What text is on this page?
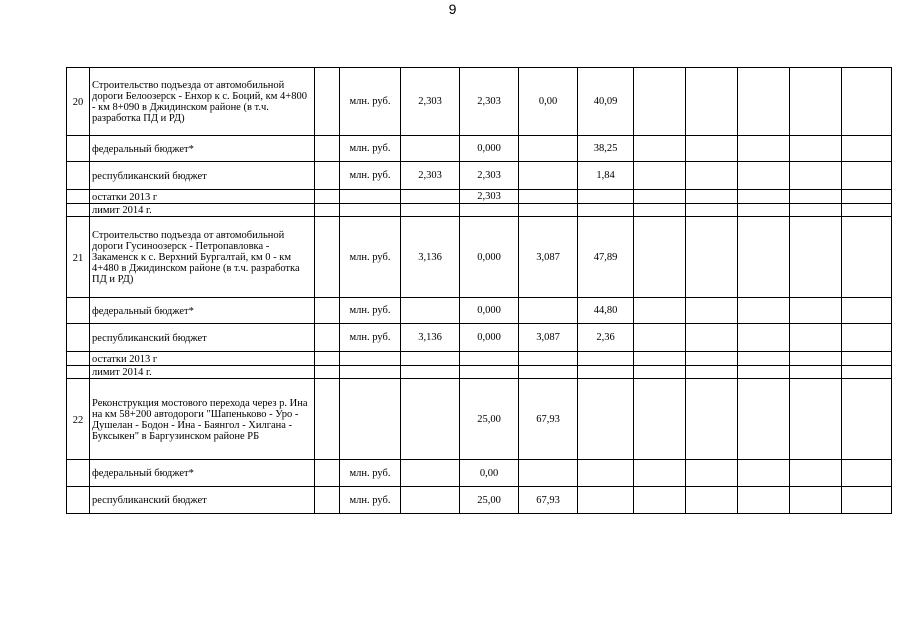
9
20	Строительство подъезда от автомобильной дороги Белоозерск - Енхор к с. Боций, км 4+800 - км 8+090 в Джидинском районе (в т.ч. разработка ПД и РД)		млн. руб.	2,303	2,303	0,00	40,09					
	федеральный бюджет*		млн. руб.		0,000		38,25					
	республиканский бюджет		млн. руб.	2,303	2,303		1,84					
	остатки 2013 г				2,303							
	лимит 2014 г.											
21	Строительство подъезда от автомобильной дороги Гусиноозерск - Петропавловка - Закаменск к с. Верхний Бургалтай, км 0 - км 4+480 в Джидинском районе (в т.ч. разработка ПД и РД)		млн. руб.	3,136	0,000	3,087	47,89					
	федеральный бюджет*		млн. руб.		0,000		44,80					
	республиканский бюджет		млн. руб.	3,136	0,000	3,087	2,36					
	остатки 2013 г											
	лимит 2014 г.											
22	Реконструкция мостового перехода через р. Ина на км 58+200 автодороги "Шапеньково - Уро - Душелан - Бодон - Ина - Баянгол - Хилгана - Буксыкен" в Баргузинском районе РБ				25,00	67,93						
	федеральный бюджет*		млн. руб.		0,00							
	республиканский бюджет		млн. руб.		25,00	67,93						
